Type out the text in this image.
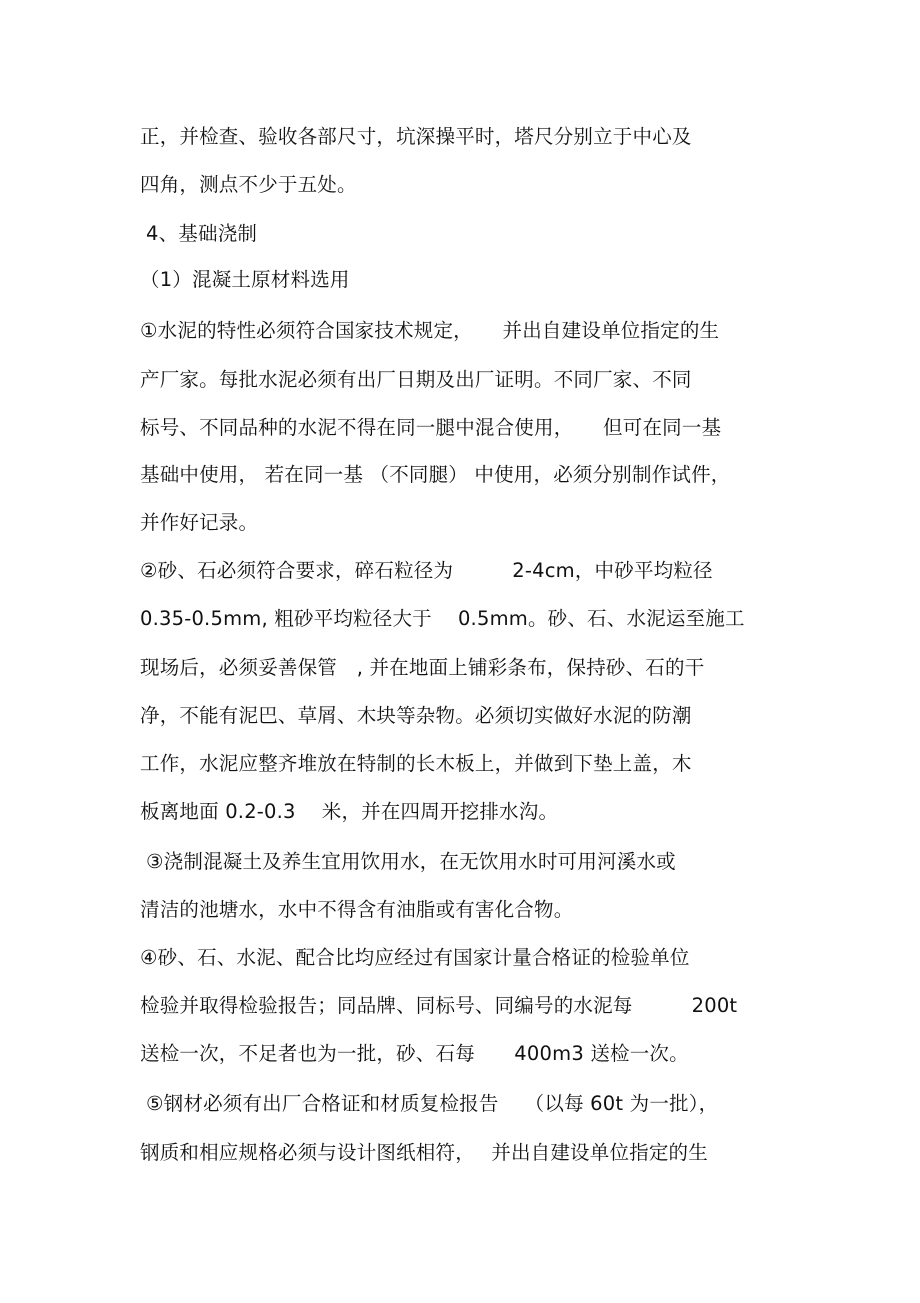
正，并检查、验收各部尺寸，坑深操平时，塔尺分别立于中心及
四角，测点不少于五处。
4、基础浇制
（1）混凝土原材料选用
①水泥的特性必须符合国家技术规定，　　并出自建设单位指定的生
产厂家。每批水泥必须有出厂日期及出厂证明。不同厂家、不同
标号、不同品种的水泥不得在同一腿中混合使用，　　但可在同一基
基础中使用， 若在同一基 （不同腿） 中使用，必须分别制作试件，
并作好记录。
②砂、石必须符合要求，碎石粒径为　　　2-4cm，中砂平均粒径
0.35-0.5mm, 粗砂平均粒径大于　 0.5mm。砂、石、水泥运至施工
现场后，必须妥善保管　, 并在地面上铺彩条布，保持砂、石的干
净，不能有泥巴、草屑、木块等杂物。必须切实做好水泥的防潮
工作，水泥应整齐堆放在特制的长木板上，并做到下垫上盖，木
板离地面 0.2-0.3　 米，并在四周开挖排水沟。
③浇制混凝土及养生宜用饮用水，在无饮用水时可用河溪水或
清洁的池塘水，水中不得含有油脂或有害化合物。
④砂、石、水泥、配合比均应经过有国家计量合格证的检验单位
检验并取得检验报告；同品牌、同标号、同编号的水泥每　　　200t
送检一次，不足者也为一批，砂、石每　　400m3 送检一次。
⑤钢材必须有出厂合格证和材质复检报告　 （以每 60t 为一批），
钢质和相应规格必须与设计图纸相符，　 并出自建设单位指定的生
